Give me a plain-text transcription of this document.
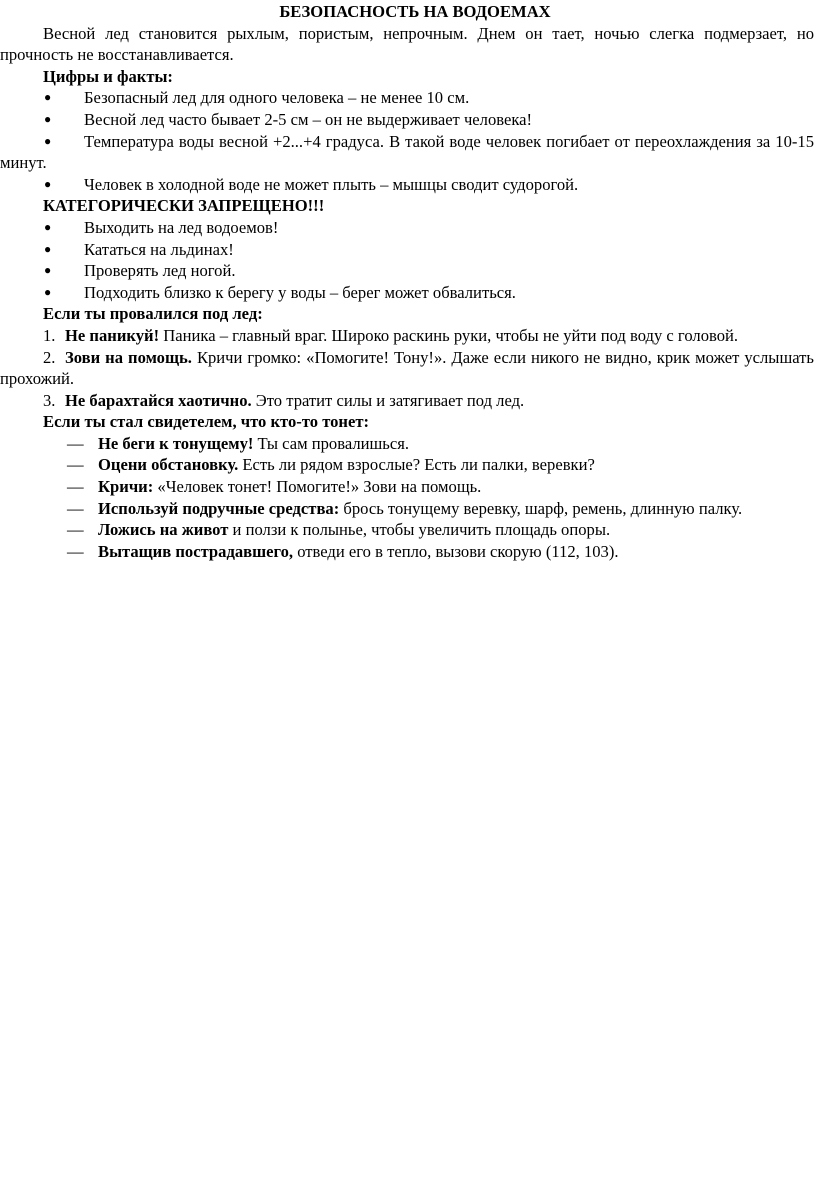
БЕЗОПАСНОСТЬ НА ВОДОЕМАХ

Весной лед становится рыхлым, пористым, непрочным. Днем он тает, ночью слегка подмерзает, но прочность не восстанавливается.

Цифры и факты:

● Безопасный лед для одного человека – не менее 10 см.
● Весной лед часто бывает 2-5 см – он не выдерживает человека!
● Температура воды весной +2...+4 градуса. В такой воде человек погибает от переохлаждения за 10-15 минут.
● Человек в холодной воде не может плыть – мышцы сводит судорогой.

КАТЕГОРИЧЕСКИ ЗАПРЕЩЕНО!!!

● Выходить на лед водоемов!
● Кататься на льдинах!
● Проверять лед ногой.
● Подходить близко к берегу у воды – берег может обвалиться.

Если ты провалился под лед:

1. Не паникуй! Паника – главный враг. Широко раскинь руки, чтобы не уйти под воду с головой.
2. Зови на помощь. Кричи громко: «Помогите! Тону!». Даже если никого не видно, крик может услышать прохожий.
3. Не барахтайся хаотично. Это тратит силы и затягивает под лед.

Если ты стал свидетелем, что кто-то тонет:

— Не беги к тонущему! Ты сам провалишься.
— Оцени обстановку. Есть ли рядом взрослые? Есть ли палки, веревки?
— Кричи: «Человек тонет! Помогите!» Зови на помощь.
— Используй подручные средства: брось тонущему веревку, шарф, ремень, длинную палку.
— Ложись на живот и ползи к полынье, чтобы увеличить площадь опоры.
— Вытащив пострадавшего, отведи его в тепло, вызови скорую (112, 103).
